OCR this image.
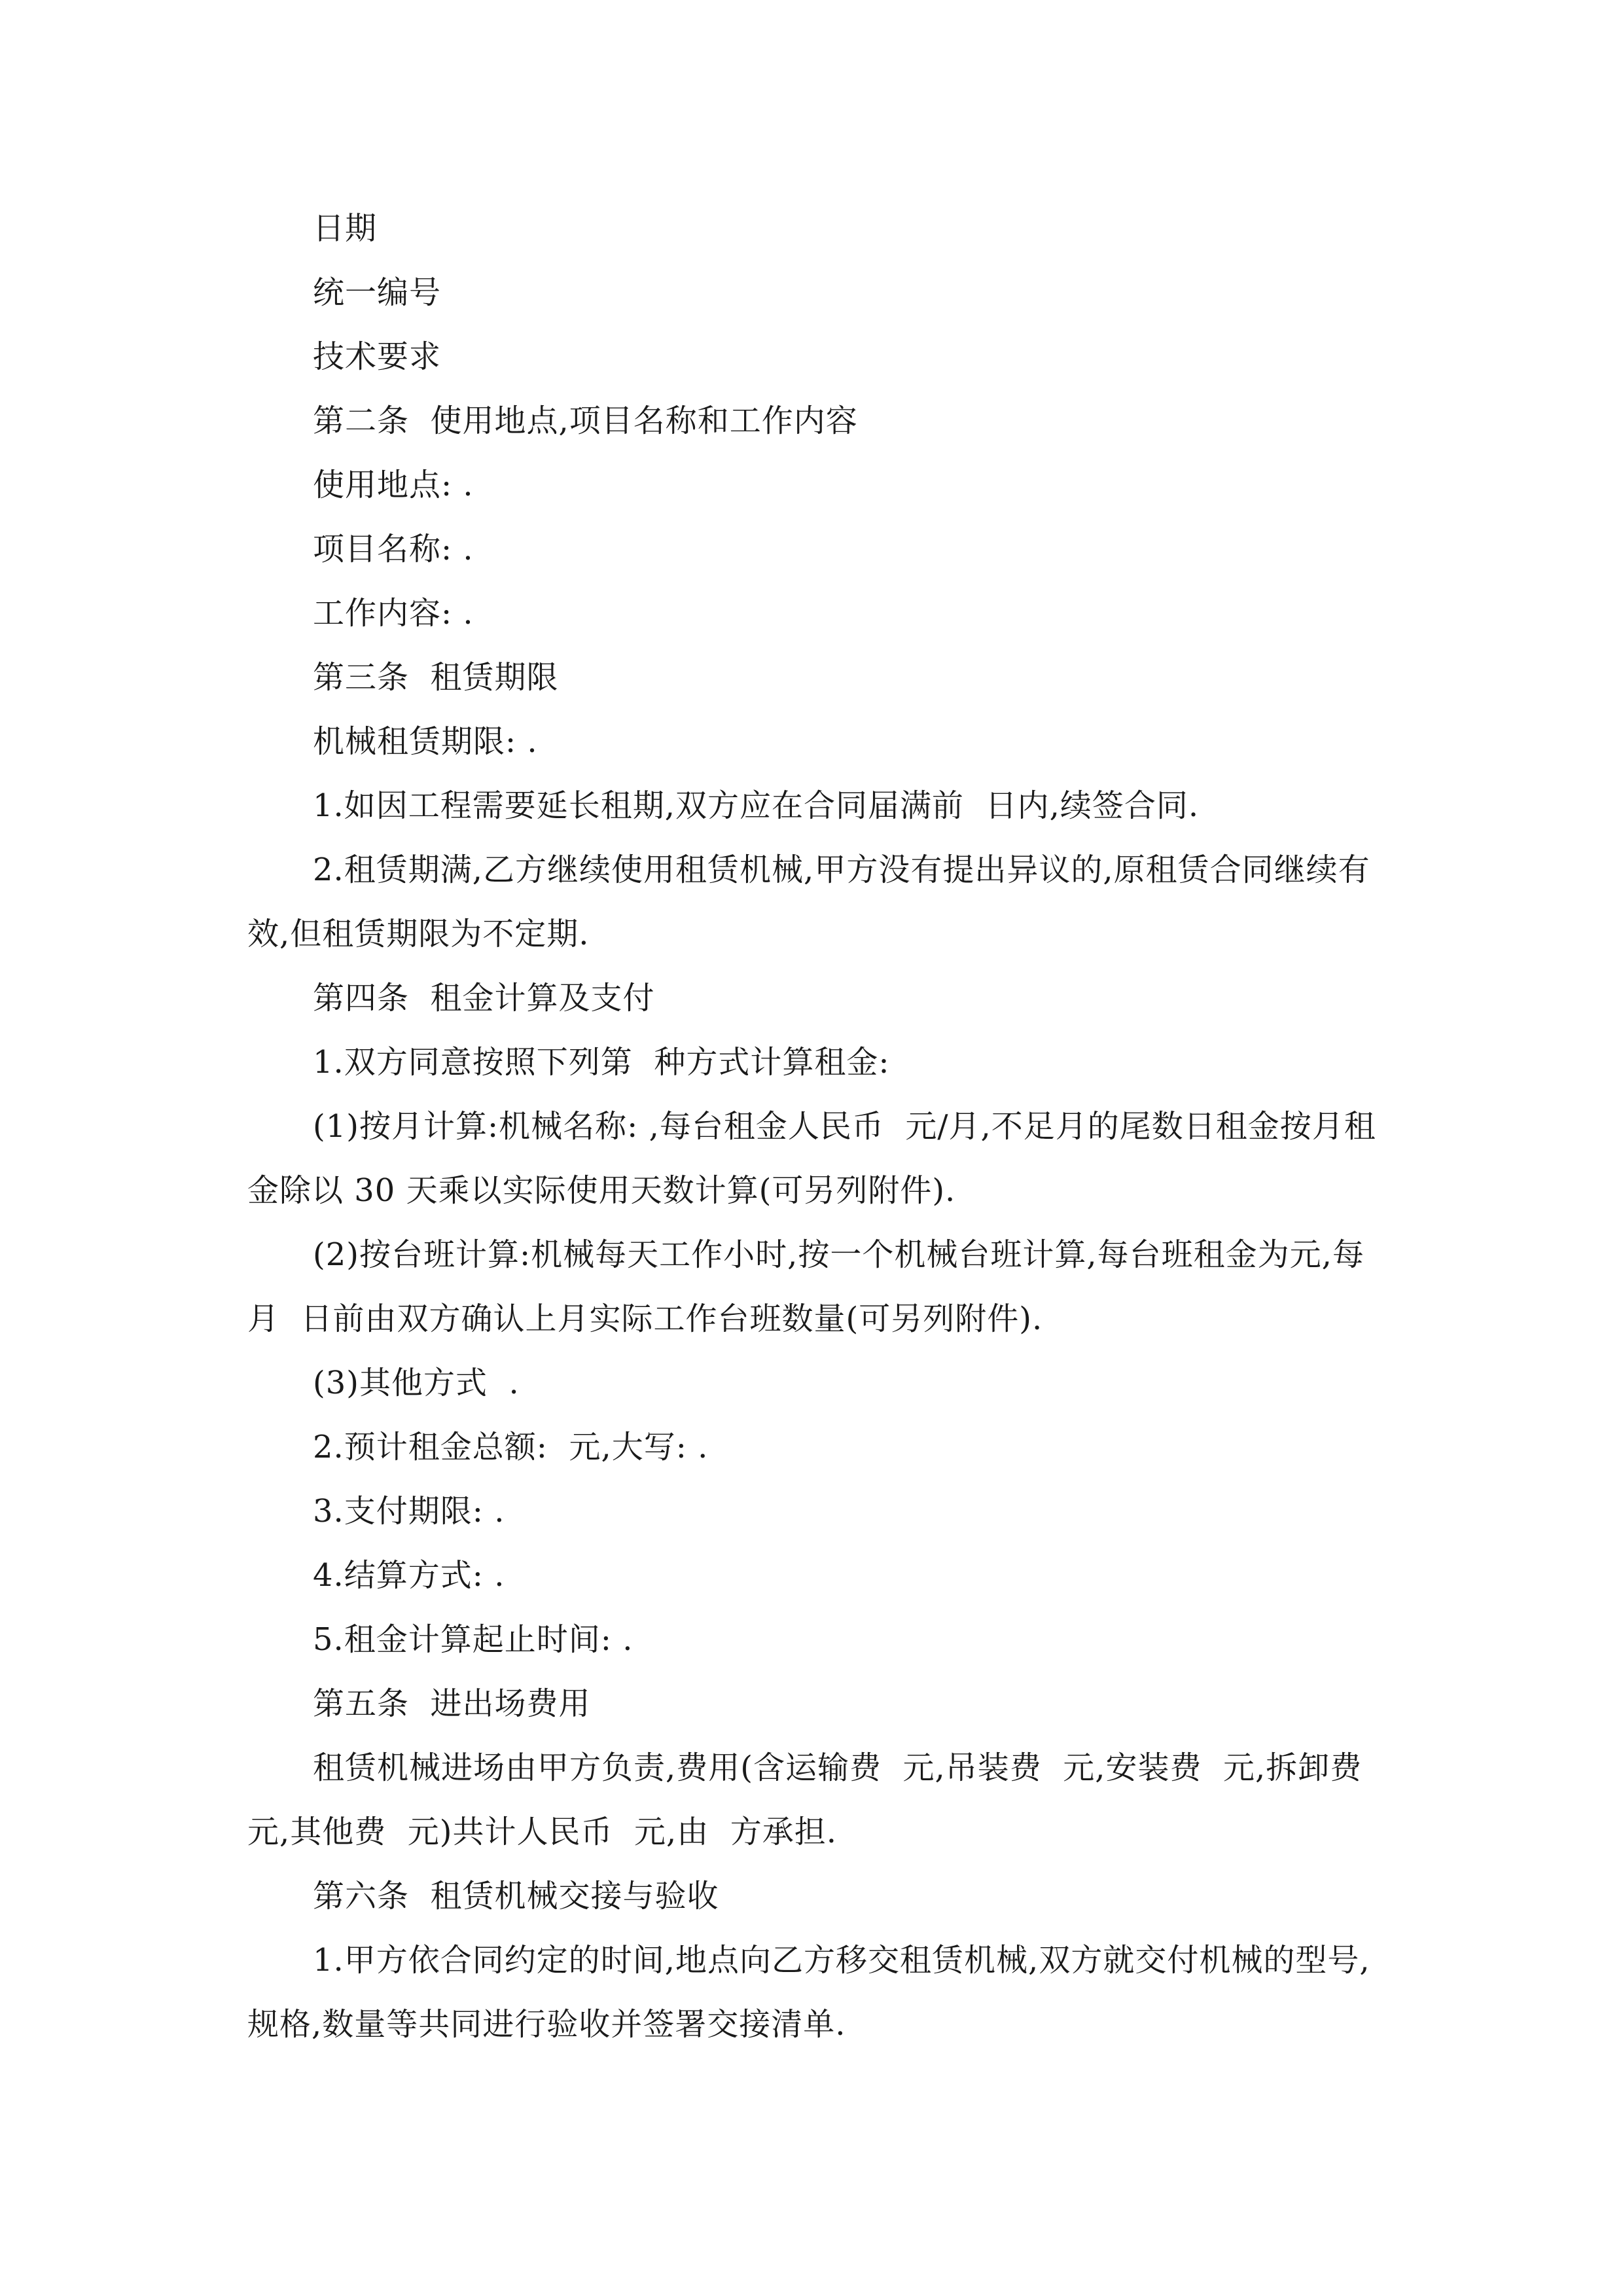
日期

统一编号

技术要求

第二条  使用地点,项目名称和工作内容

使用地点: .

项目名称: .

工作内容: .

第三条  租赁期限

机械租赁期限: .

1.如因工程需要延长租期,双方应在合同届满前  日内,续签合同.

2.租赁期满,乙方继续使用租赁机械,甲方没有提出异议的,原租赁合同继续有效,但租赁期限为不定期.

第四条  租金计算及支付

1.双方同意按照下列第  种方式计算租金:

(1)按月计算:机械名称: ,每台租金人民币  元/月,不足月的尾数日租金按月租金除以 30 天乘以实际使用天数计算(可另列附件).

(2)按台班计算:机械每天工作小时,按一个机械台班计算,每台班租金为元,每月  日前由双方确认上月实际工作台班数量(可另列附件).

(3)其他方式  .

2.预计租金总额:  元,大写: .

3.支付期限: .

4.结算方式: .

5.租金计算起止时间: .

第五条  进出场费用

租赁机械进场由甲方负责,费用(含运输费  元,吊装费  元,安装费  元,拆卸费  元,其他费  元)共计人民币  元,由  方承担.

第六条  租赁机械交接与验收

1.甲方依合同约定的时间,地点向乙方移交租赁机械,双方就交付机械的型号,规格,数量等共同进行验收并签署交接清单.
